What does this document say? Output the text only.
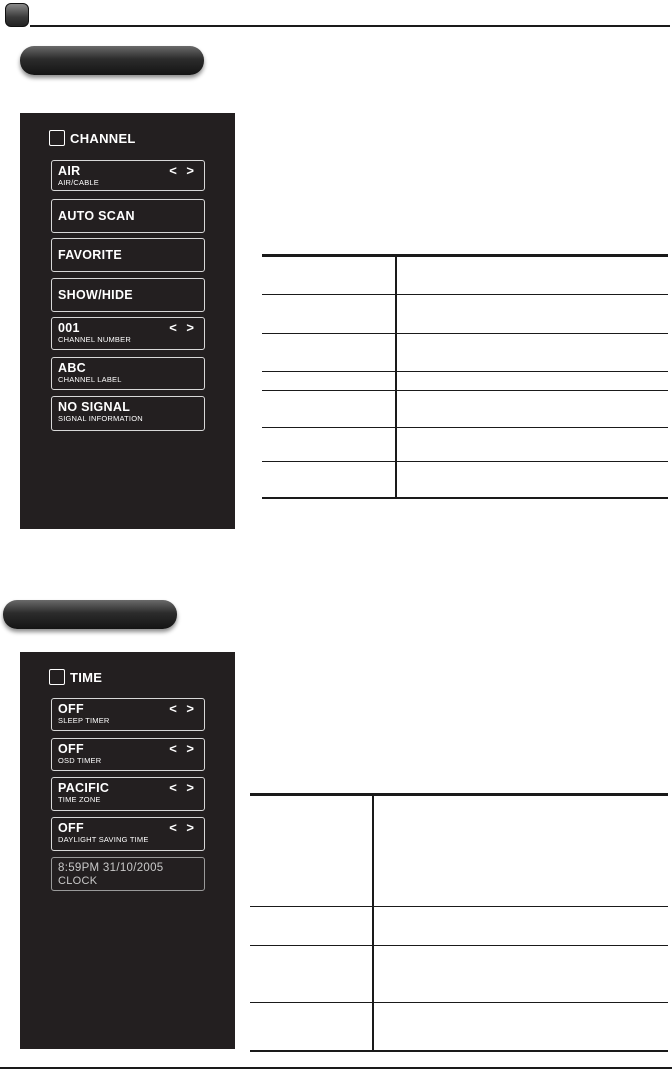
CHANNEL
AIR
AIR/CABLE
< >
AUTO SCAN
FAVORITE
SHOW/HIDE
001
CHANNEL NUMBER
< >
ABC
CHANNEL LABEL
NO SIGNAL
SIGNAL INFORMATION
TIME
OFF
SLEEP TIMER
< >
OFF
OSD TIMER
< >
PACIFIC
TIME ZONE
< >
OFF
DAYLIGHT SAVING TIME
< >
8:59PM 31/10/2005
CLOCK
